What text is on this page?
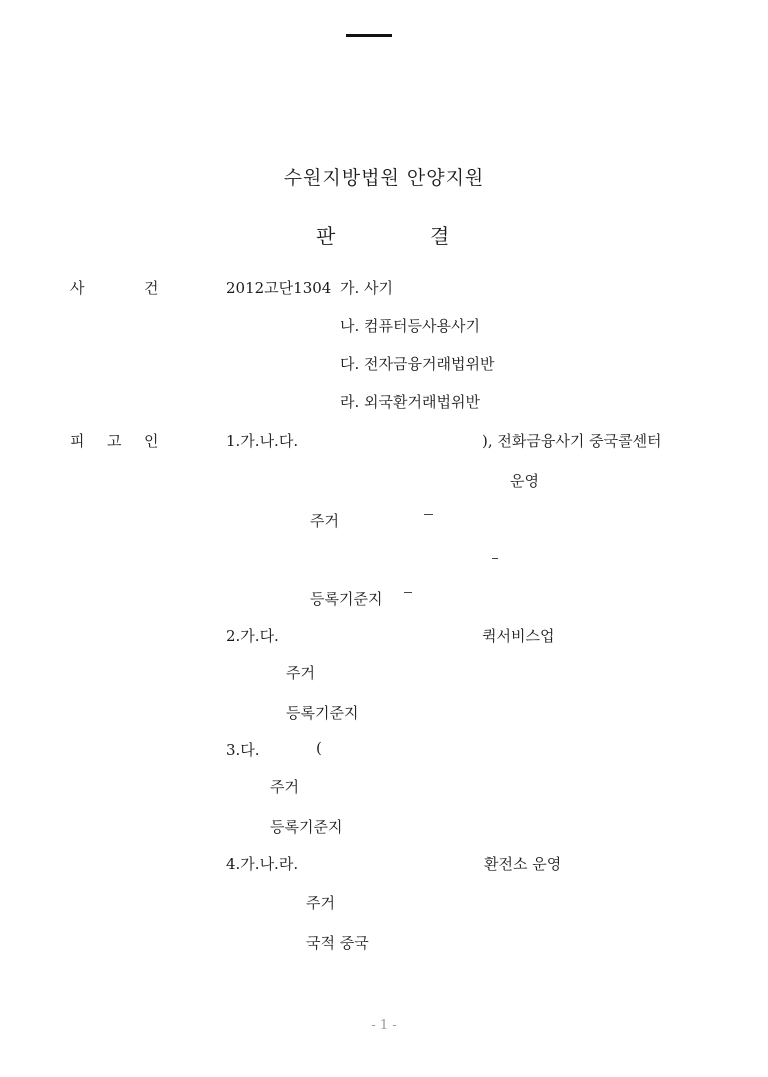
수원지방법원 안양지원
판	결
사	건	2012고단1304 가. 사기
나. 컴퓨터등사용사기
다. 전자금융거래법위반
라. 외국환거래법위반
피 고 인	1.가.나.다.	), 전화금융사기 중국콜센터
운영
주거
등록기준지
2.가.다.	퀵서비스업
주거
등록기준지
3.다.	(
주거
등록기준지
4.가.나.라.	환전소 운영
주거
국적 중국
- 1 -
